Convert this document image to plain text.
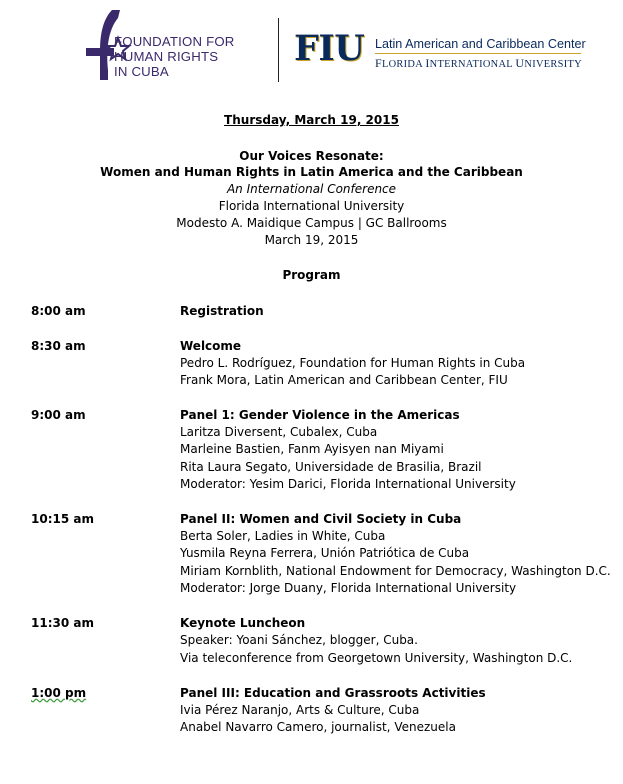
FOUNDATION FOR
HUMAN RIGHTS
IN CUBA
FIU Latin American and Caribbean Center
FLORIDA INTERNATIONAL UNIVERSITY
Thursday, March 19, 2015
Our Voices Resonate:
Women and Human Rights in Latin America and the Caribbean
An International Conference
Florida International University
Modesto A. Maidique Campus | GC Ballrooms
March 19, 2015
Program
8:00 am	Registration
8:30 am	Welcome
Pedro L. Rodríguez, Foundation for Human Rights in Cuba
Frank Mora, Latin American and Caribbean Center, FIU
9:00 am	Panel 1: Gender Violence in the Americas
Laritza Diversent, Cubalex, Cuba
Marleine Bastien, Fanm Ayisyen nan Miyami
Rita Laura Segato, Universidade de Brasilia, Brazil
Moderator: Yesim Darici, Florida International University
10:15 am	Panel II: Women and Civil Society in Cuba
Berta Soler, Ladies in White, Cuba
Yusmila Reyna Ferrera, Unión Patriótica de Cuba
Miriam Kornblith, National Endowment for Democracy, Washington D.C.
Moderator: Jorge Duany, Florida International University
11:30 am	Keynote Luncheon
Speaker: Yoani Sánchez, blogger, Cuba.
Via teleconference from Georgetown University, Washington D.C.
1:00 pm	Panel III: Education and Grassroots Activities
Ivia Pérez Naranjo, Arts & Culture, Cuba
Anabel Navarro Camero, journalist, Venezuela
